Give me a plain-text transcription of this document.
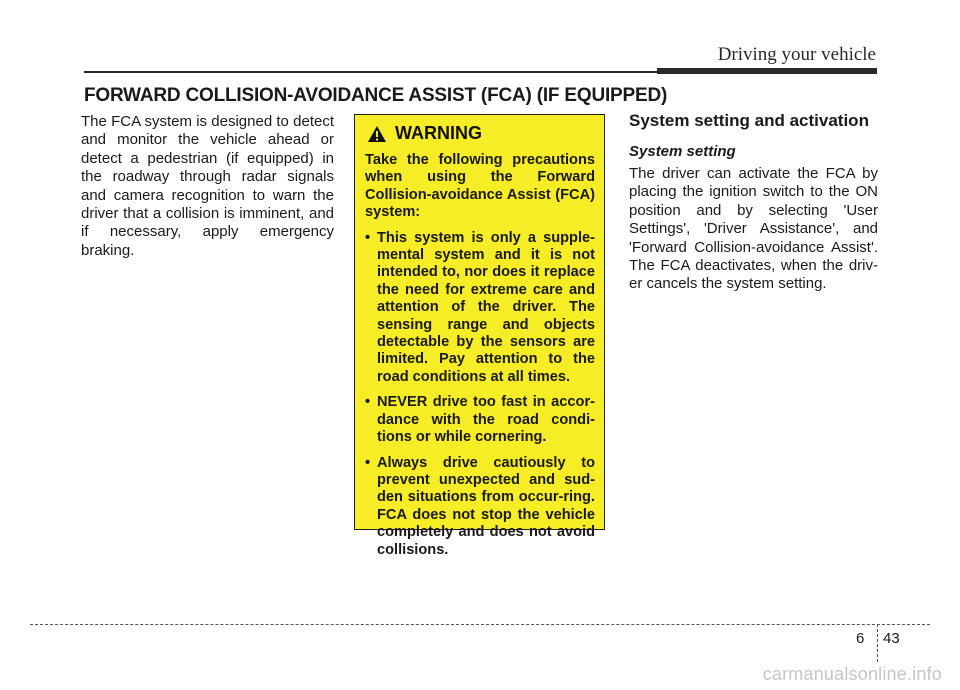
Driving your vehicle
FORWARD COLLISION-AVOIDANCE ASSIST (FCA) (IF EQUIPPED)

The FCA system is designed to detect and monitor the vehicle ahead or detect a pedestrian (if equipped) in the roadway through radar signals and camera recognition to warn the driver that a collision is imminent, and if necessary, apply emergency braking.

WARNING

Take the following precautions when using the Forward Collision-avoidance Assist (FCA) system:

• This system is only a supple-mental system and it is not intended to, nor does it replace the need for extreme care and attention of the driver. The sensing range and objects detectable by the sensors are limited. Pay attention to the road conditions at all times.
• NEVER drive too fast in accor-dance with the road condi-tions or while cornering.
• Always drive cautiously to prevent unexpected and sud-den situations from occur-ring. FCA does not stop the vehicle completely and does not avoid collisions.
System setting and activation
System setting

The driver can activate the FCA by placing the ignition switch to the ON position and by selecting 'User Settings', 'Driver Assistance', and 'Forward Collision-avoidance Assist'. The FCA deactivates, when the driv-er cancels the system setting.

6 43
carmanualsonline.info
